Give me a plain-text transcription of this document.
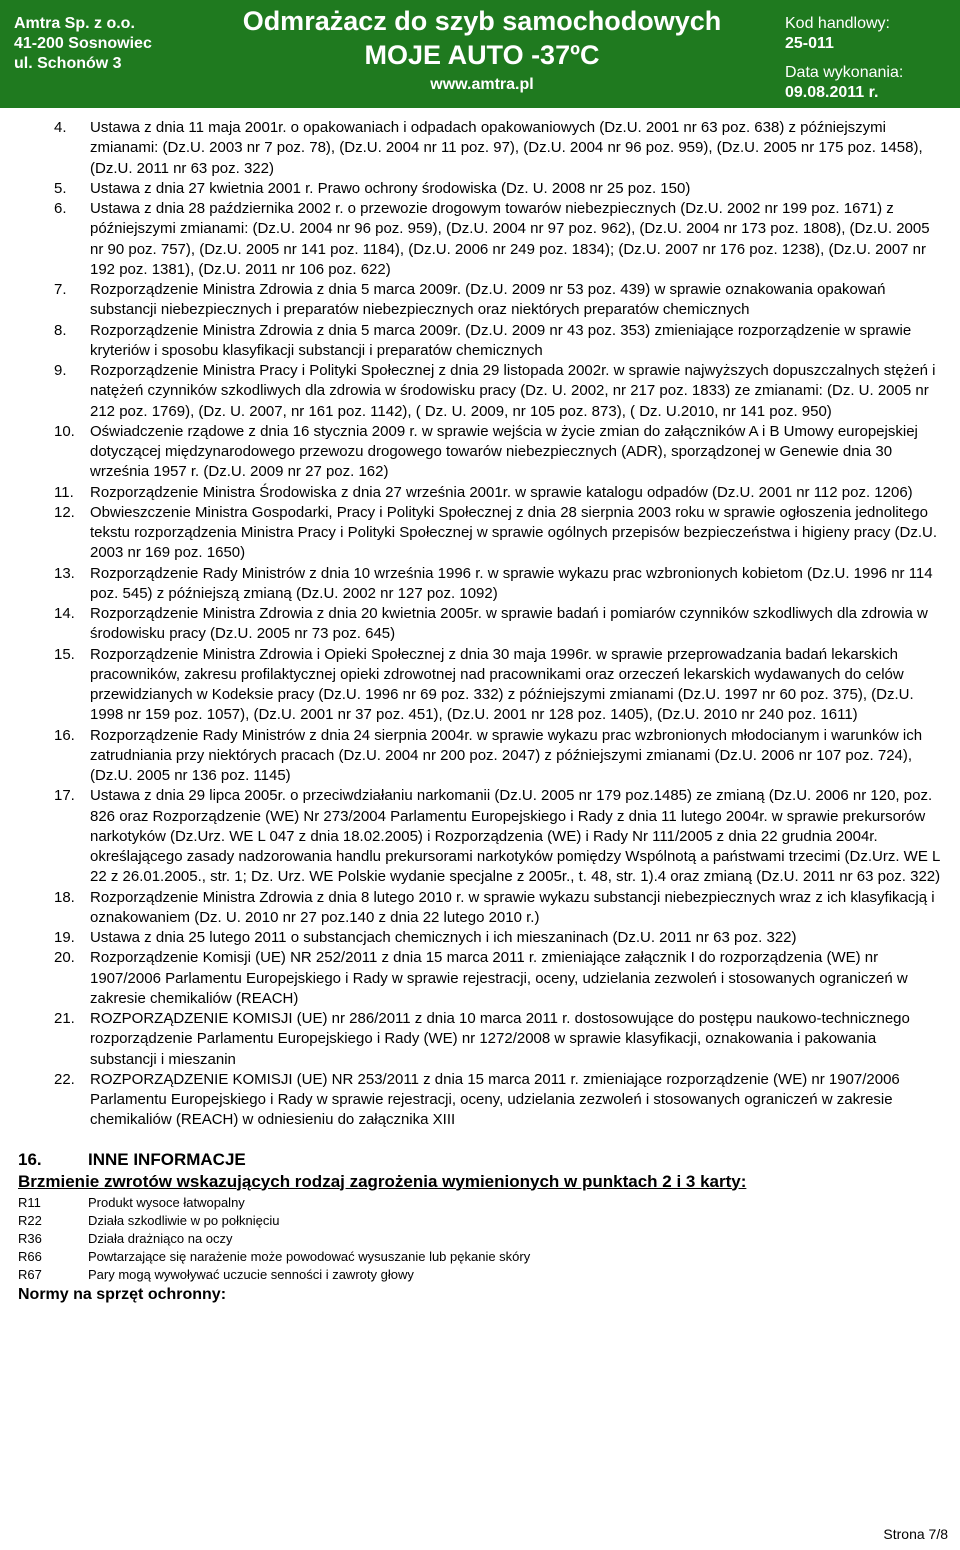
Amtra Sp. z o.o.
41-200 Sosnowiec
ul. Schonów 3
Odmrażacz do szyb samochodowych
MOJE AUTO -37ºC
www.amtra.pl
Kod handlowy:
25-011
Data wykonania:
09.08.2011 r.
4.	Ustawa z dnia 11 maja 2001r. o opakowaniach i odpadach opakowaniowych (Dz.U. 2001 nr 63 poz. 638) z późniejszymi zmianami: (Dz.U. 2003 nr 7 poz. 78), (Dz.U. 2004 nr 11 poz. 97), (Dz.U. 2004 nr 96 poz. 959), (Dz.U. 2005 nr 175 poz. 1458), (Dz.U. 2011 nr 63 poz. 322)
5.	Ustawa z dnia 27 kwietnia 2001 r. Prawo ochrony środowiska (Dz. U. 2008 nr 25 poz. 150)
6.	Ustawa z dnia 28 października 2002 r. o przewozie drogowym towarów niebezpiecznych (Dz.U. 2002 nr 199 poz. 1671) z późniejszymi zmianami: (Dz.U. 2004 nr 96 poz. 959), (Dz.U. 2004 nr 97 poz. 962), (Dz.U. 2004 nr 173 poz. 1808), (Dz.U. 2005 nr 90 poz. 757), (Dz.U. 2005 nr 141 poz. 1184), (Dz.U. 2006 nr 249 poz. 1834); (Dz.U. 2007 nr 176 poz. 1238), (Dz.U. 2007 nr 192 poz. 1381), (Dz.U. 2011 nr 106 poz. 622)
7.	Rozporządzenie Ministra Zdrowia z dnia 5 marca 2009r. (Dz.U. 2009 nr 53 poz. 439) w sprawie oznakowania opakowań substancji niebezpiecznych i preparatów niebezpiecznych oraz niektórych preparatów chemicznych
8.	Rozporządzenie Ministra Zdrowia z dnia 5 marca 2009r. (Dz.U. 2009 nr 43 poz. 353) zmieniające rozporządzenie w sprawie kryteriów i sposobu klasyfikacji substancji i preparatów chemicznych
9.	Rozporządzenie Ministra Pracy i Polityki Społecznej z dnia 29 listopada 2002r. w sprawie najwyższych dopuszczalnych stężeń i natężeń czynników szkodliwych dla zdrowia w środowisku pracy (Dz. U. 2002, nr 217 poz. 1833) ze zmianami: (Dz. U. 2005 nr 212 poz. 1769), (Dz. U. 2007, nr 161 poz. 1142), ( Dz. U. 2009, nr 105 poz. 873), ( Dz. U.2010, nr 141 poz. 950)
10.	Oświadczenie rządowe z dnia 16 stycznia 2009 r. w sprawie wejścia w życie zmian do załączników A i B Umowy europejskiej dotyczącej międzynarodowego przewozu drogowego towarów niebezpiecznych (ADR), sporządzonej w Genewie dnia 30 września 1957 r. (Dz.U. 2009 nr 27 poz. 162)
11.	Rozporządzenie Ministra Środowiska z dnia 27 września 2001r. w sprawie katalogu odpadów (Dz.U. 2001 nr 112 poz. 1206)
12.	Obwieszczenie Ministra Gospodarki, Pracy i Polityki Społecznej z dnia 28 sierpnia 2003 roku w sprawie ogłoszenia jednolitego tekstu rozporządzenia Ministra Pracy i Polityki Społecznej w sprawie ogólnych przepisów bezpieczeństwa i higieny pracy (Dz.U. 2003 nr 169 poz. 1650)
13.	Rozporządzenie Rady Ministrów z dnia 10 września 1996 r. w sprawie wykazu prac wzbronionych kobietom (Dz.U. 1996 nr 114 poz. 545) z późniejszą zmianą (Dz.U. 2002 nr 127 poz. 1092)
14.	Rozporządzenie Ministra Zdrowia z dnia 20 kwietnia 2005r. w sprawie badań i pomiarów czynników szkodliwych dla zdrowia w środowisku pracy (Dz.U. 2005 nr 73 poz. 645)
15.	Rozporządzenie Ministra Zdrowia i Opieki Społecznej z dnia 30 maja 1996r. w sprawie przeprowadzania badań lekarskich pracowników, zakresu profilaktycznej opieki zdrowotnej nad pracownikami oraz orzeczeń lekarskich wydawanych do celów przewidzianych w Kodeksie pracy (Dz.U. 1996 nr 69 poz. 332) z późniejszymi zmianami (Dz.U. 1997 nr 60 poz. 375), (Dz.U. 1998 nr 159 poz. 1057), (Dz.U. 2001 nr 37 poz. 451), (Dz.U. 2001 nr 128 poz. 1405), (Dz.U. 2010 nr 240 poz. 1611)
16.	Rozporządzenie Rady Ministrów z dnia 24 sierpnia 2004r. w sprawie wykazu prac wzbronionych młodocianym i warunków ich zatrudniania przy niektórych pracach (Dz.U. 2004 nr 200 poz. 2047) z późniejszymi zmianami (Dz.U. 2006 nr 107 poz. 724), (Dz.U. 2005 nr 136 poz. 1145)
17.	Ustawa z dnia 29 lipca 2005r. o przeciwdziałaniu narkomanii (Dz.U. 2005 nr 179 poz.1485) ze zmianą (Dz.U. 2006 nr 120, poz. 826 oraz Rozporządzenie (WE) Nr 273/2004 Parlamentu Europejskiego i Rady z dnia 11 lutego 2004r. w sprawie prekursorów narkotyków (Dz.Urz. WE L 047 z dnia 18.02.2005) i Rozporządzenia (WE) i Rady Nr 111/2005 z dnia 22 grudnia 2004r. określającego zasady nadzorowania handlu prekursorami narkotyków pomiędzy Wspólnotą a państwami trzecimi (Dz.Urz. WE L 22 z 26.01.2005., str. 1; Dz. Urz. WE Polskie wydanie specjalne z 2005r., t. 48, str. 1).4 oraz zmianą (Dz.U. 2011 nr 63 poz. 322)
18.	Rozporządzenie Ministra Zdrowia z dnia 8 lutego 2010 r. w sprawie wykazu substancji niebezpiecznych wraz z ich klasyfikacją i oznakowaniem (Dz. U. 2010 nr 27 poz.140 z dnia 22 lutego 2010 r.)
19.	Ustawa z dnia 25 lutego 2011 o substancjach chemicznych i ich mieszaninach (Dz.U. 2011 nr 63 poz. 322)
20.	Rozporządzenie Komisji (UE) NR 252/2011 z dnia 15 marca 2011 r. zmieniające załącznik I do rozporządzenia (WE) nr 1907/2006 Parlamentu Europejskiego i Rady w sprawie rejestracji, oceny, udzielania zezwoleń i stosowanych ograniczeń w zakresie chemikaliów (REACH)
21.	ROZPORZĄDZENIE KOMISJI (UE) nr 286/2011 z dnia 10 marca 2011 r. dostosowujące do postępu naukowo-technicznego rozporządzenie Parlamentu Europejskiego i Rady (WE) nr 1272/2008 w sprawie klasyfikacji, oznakowania i pakowania substancji i mieszanin
22.	ROZPORZĄDZENIE KOMISJI (UE) NR 253/2011 z dnia 15 marca 2011 r. zmieniające rozporządzenie (WE) nr 1907/2006 Parlamentu Europejskiego i Rady w sprawie rejestracji, oceny, udzielania zezwoleń i stosowanych ograniczeń w zakresie chemikaliów (REACH) w odniesieniu do załącznika XIII
16.	INNE INFORMACJE
Brzmienie zwrotów wskazujących rodzaj zagrożenia wymienionych w punktach 2 i 3 karty:
R11	Produkt wysoce łatwopalny
R22	Działa szkodliwie w po połknięciu
R36	Działa drażniąco na oczy
R66	Powtarzające się narażenie może powodować wysuszanie lub pękanie skóry
R67	Pary mogą wywoływać uczucie senności i zawroty głowy
Normy na sprzęt ochronny:
Strona 7/8
